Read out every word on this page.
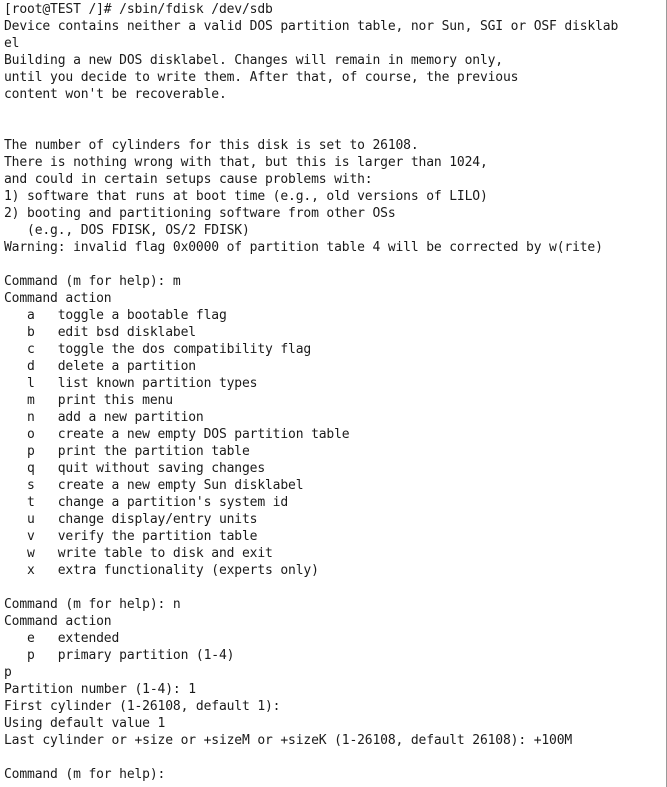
[root@TEST /]# /sbin/fdisk /dev/sdb
Device contains neither a valid DOS partition table, nor Sun, SGI or OSF disklab
el
Building a new DOS disklabel. Changes will remain in memory only,
until you decide to write them. After that, of course, the previous
content won't be recoverable.
The number of cylinders for this disk is set to 26108.
There is nothing wrong with that, but this is larger than 1024,
and could in certain setups cause problems with:
1) software that runs at boot time (e.g., old versions of LILO)
2) booting and partitioning software from other OSs
(e.g., DOS FDISK, OS/2 FDISK)
Warning: invalid flag 0x0000 of partition table 4 will be corrected by w(rite)
Command (m for help): m
Command action
a   toggle a bootable flag
b   edit bsd disklabel
c   toggle the dos compatibility flag
d   delete a partition
l   list known partition types
m   print this menu
n   add a new partition
o   create a new empty DOS partition table
p   print the partition table
q   quit without saving changes
s   create a new empty Sun disklabel
t   change a partition's system id
u   change display/entry units
v   verify the partition table
w   write table to disk and exit
x   extra functionality (experts only)
Command (m for help): n
Command action
e   extended
p   primary partition (1-4)
p
Partition number (1-4): 1
First cylinder (1-26108, default 1):
Using default value 1
Last cylinder or +size or +sizeM or +sizeK (1-26108, default 26108): +100M
Command (m for help):
